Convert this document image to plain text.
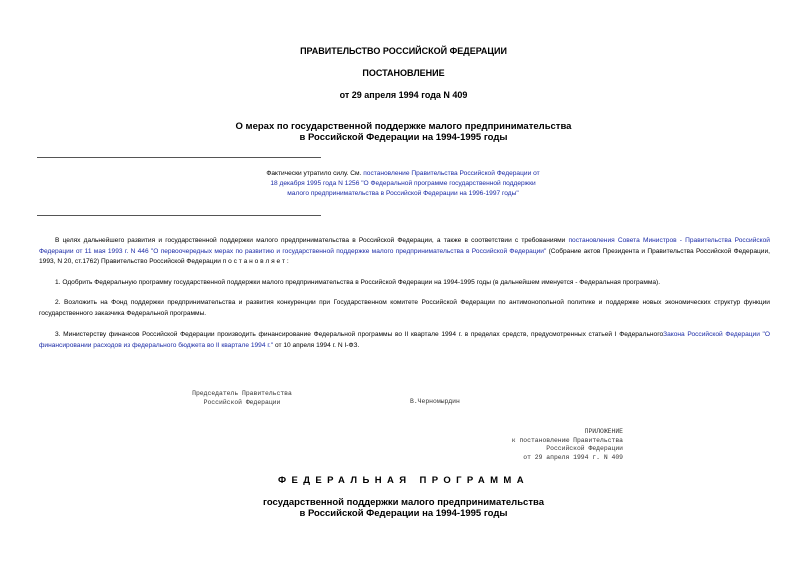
ПРАВИТЕЛЬСТВО РОССИЙСКОЙ ФЕДЕРАЦИИ
ПОСТАНОВЛЕНИЕ
от 29 апреля 1994 года N 409
О мерах по государственной поддержке малого предпринимательства
в Российской Федерации на 1994-1995 годы
Фактически утратило силу. См. постановление Правительства Российской Федерации от 18 декабря 1995 года N 1256 "О Федеральной программе государственной поддержки малого предпринимательства в Российской Федерации на 1996-1997 годы"
В целях дальнейшего развития и государственной поддержки малого предпринимательства в Российской Федерации, а также в соответствии с требованиями постановления Совета Министров - Правительства Российской Федерации от 11 мая 1993 г. N 446 "О первоочередных мерах по развитию и государственной поддержке малого предпринимательства в Российской Федерации" (Собрание актов Президента и Правительства Российской Федерации, 1993, N 20, ст.1762) Правительство Российской Федерации п о с т а н о в л я е т :
1. Одобрить Федеральную программу государственной поддержки малого предпринимательства в Российской Федерации на 1994-1995 годы (в дальнейшем именуется - Федеральная программа).
2. Возложить на Фонд поддержки предпринимательства и развития конкуренции при Государственном комитете Российской Федерации по антимонопольной политике и поддержке новых экономических структур функции государственного заказчика Федеральной программы.
3. Министерству финансов Российской Федерации производить финансирование Федеральной программы во II квартале 1994 г. в пределах средств, предусмотренных статьей I ФедеральногоЗакона Российской Федерации "О финансировании расходов из федерального бюджета во II квартале 1994 г." от 10 апреля 1994 г. N I-ФЗ.
Председатель Правительства
Российской Федерации	В.Черномырдин
ПРИЛОЖЕНИЕ
к постановлению Правительства
Российской Федерации
от 29 апреля 1994 г. N 409
ФЕДЕРАЛЬНАЯ ПРОГРАММА
государственной поддержки малого предпринимательства
в Российской Федерации на 1994-1995 годы
